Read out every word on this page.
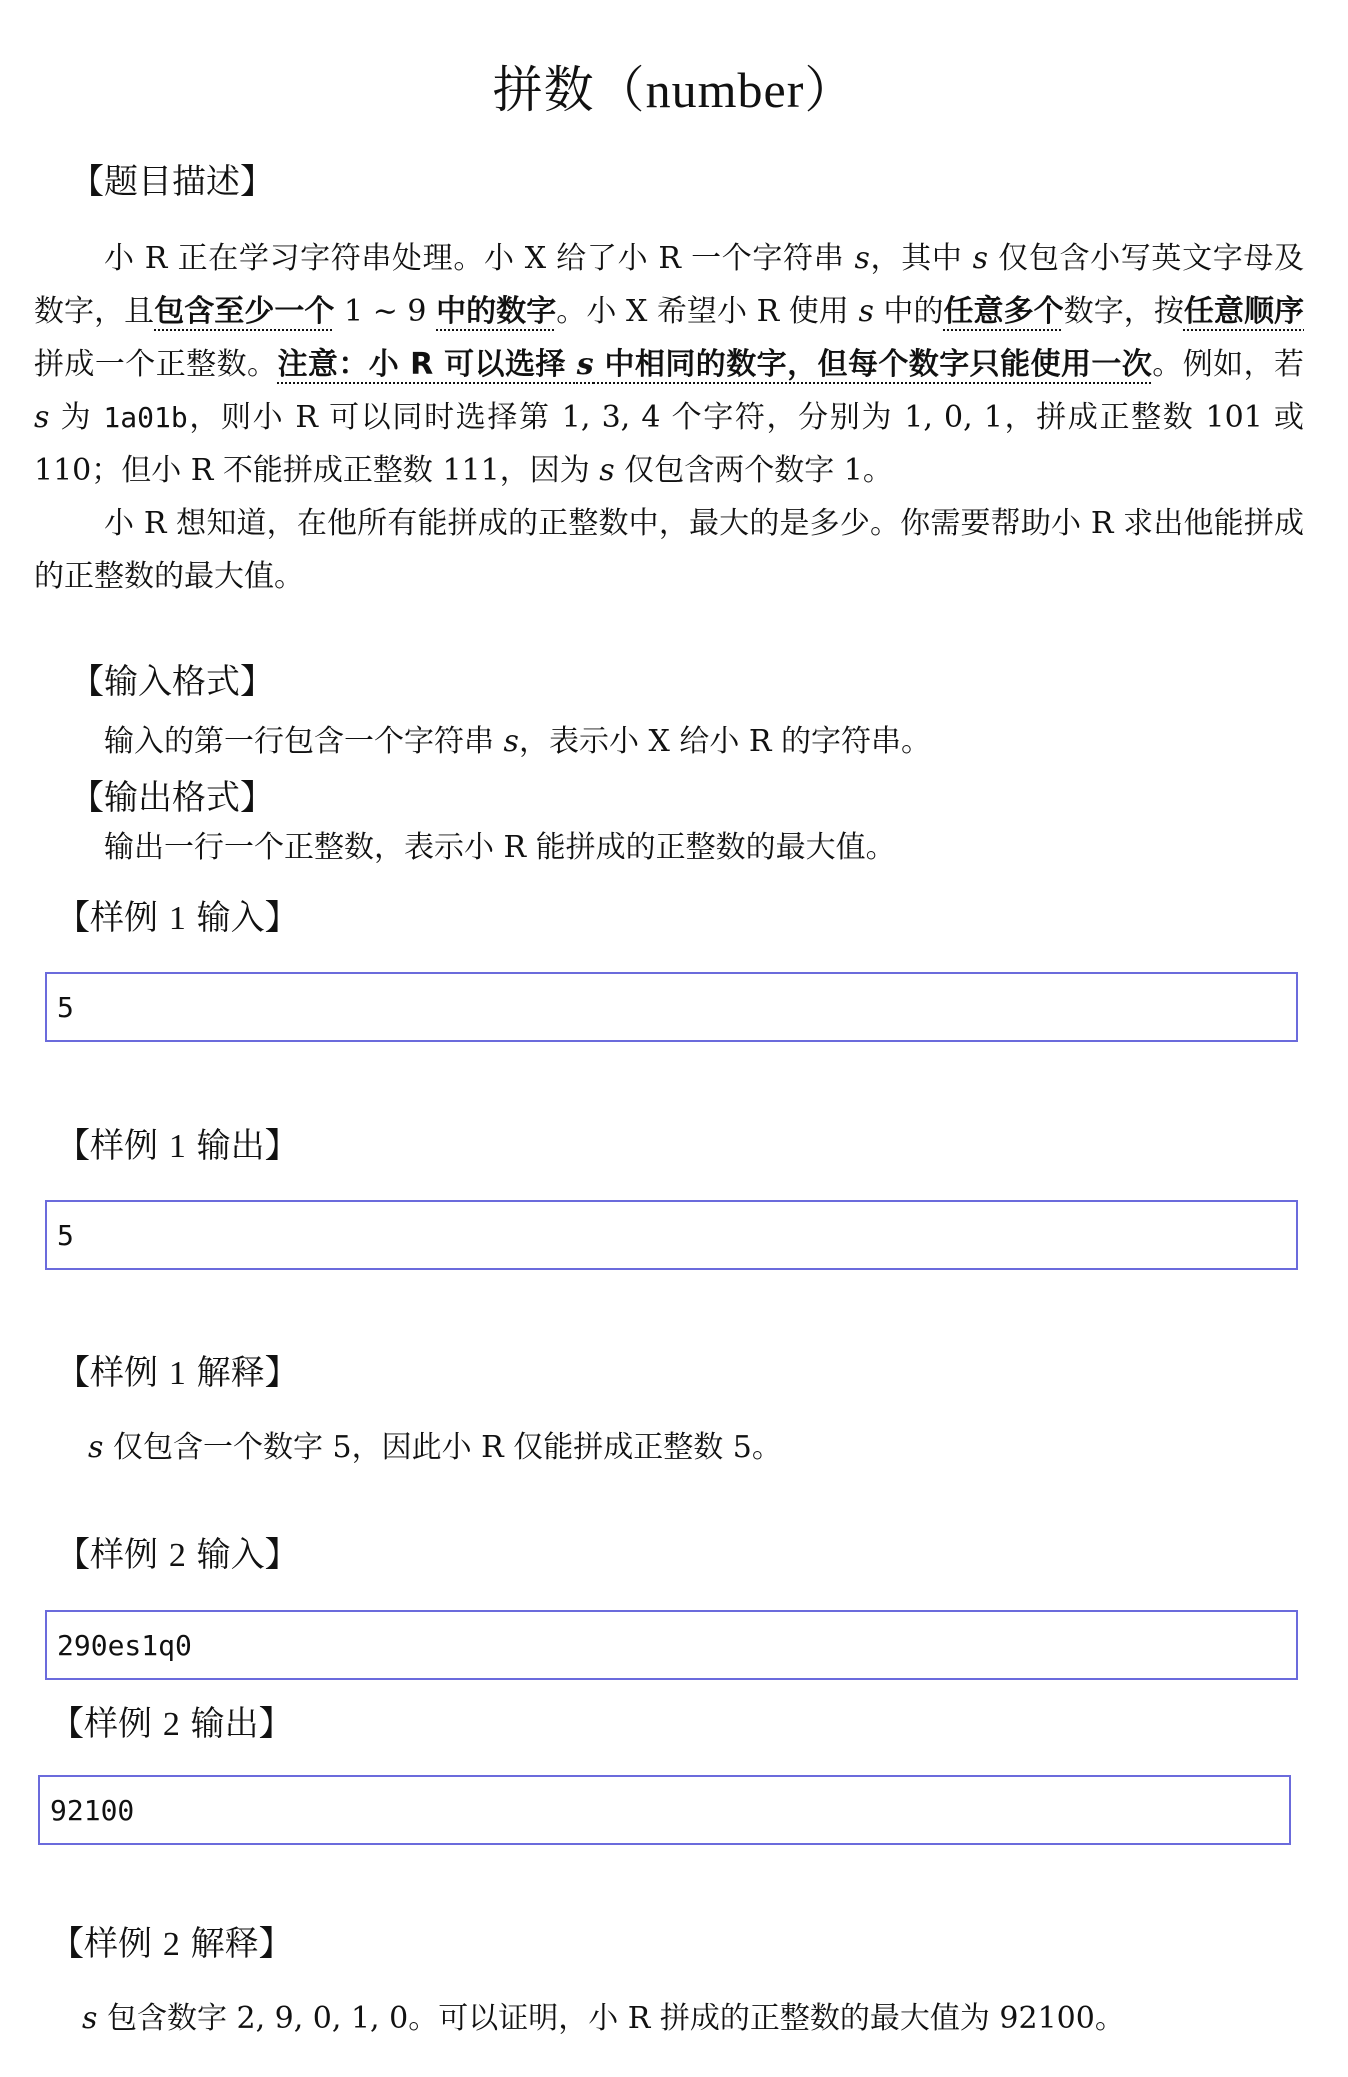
拼数（number）
【题目描述】
小 R 正在学习字符串处理。小 X 给了小 R 一个字符串 s，其中 s 仅包含小写英文字母及数字，且包含至少一个 1 ∼ 9 中的数字。小 X 希望小 R 使用 s 中的任意多个数字，按任意顺序拼成一个正整数。注意：小 R 可以选择 s 中相同的数字，但每个数字只能使用一次。例如，若 s 为 1a01b，则小 R 可以同时选择第 1, 3, 4 个字符，分别为 1, 0, 1，拼成正整数 101 或 110；但小 R 不能拼成正整数 111，因为 s 仅包含两个数字 1。
小 R 想知道，在他所有能拼成的正整数中，最大的是多少。你需要帮助小 R 求出他能拼成的正整数的最大值。
【输入格式】
输入的第一行包含一个字符串 s，表示小 X 给小 R 的字符串。
【输出格式】
输出一行一个正整数，表示小 R 能拼成的正整数的最大值。
【样例 1 输入】
5
【样例 1 输出】
5
【样例 1 解释】
s 仅包含一个数字 5，因此小 R 仅能拼成正整数 5。
【样例 2 输入】
290es1q0
【样例 2 输出】
92100
【样例 2 解释】
s 包含数字 2, 9, 0, 1, 0。可以证明，小 R 拼成的正整数的最大值为 92100。
